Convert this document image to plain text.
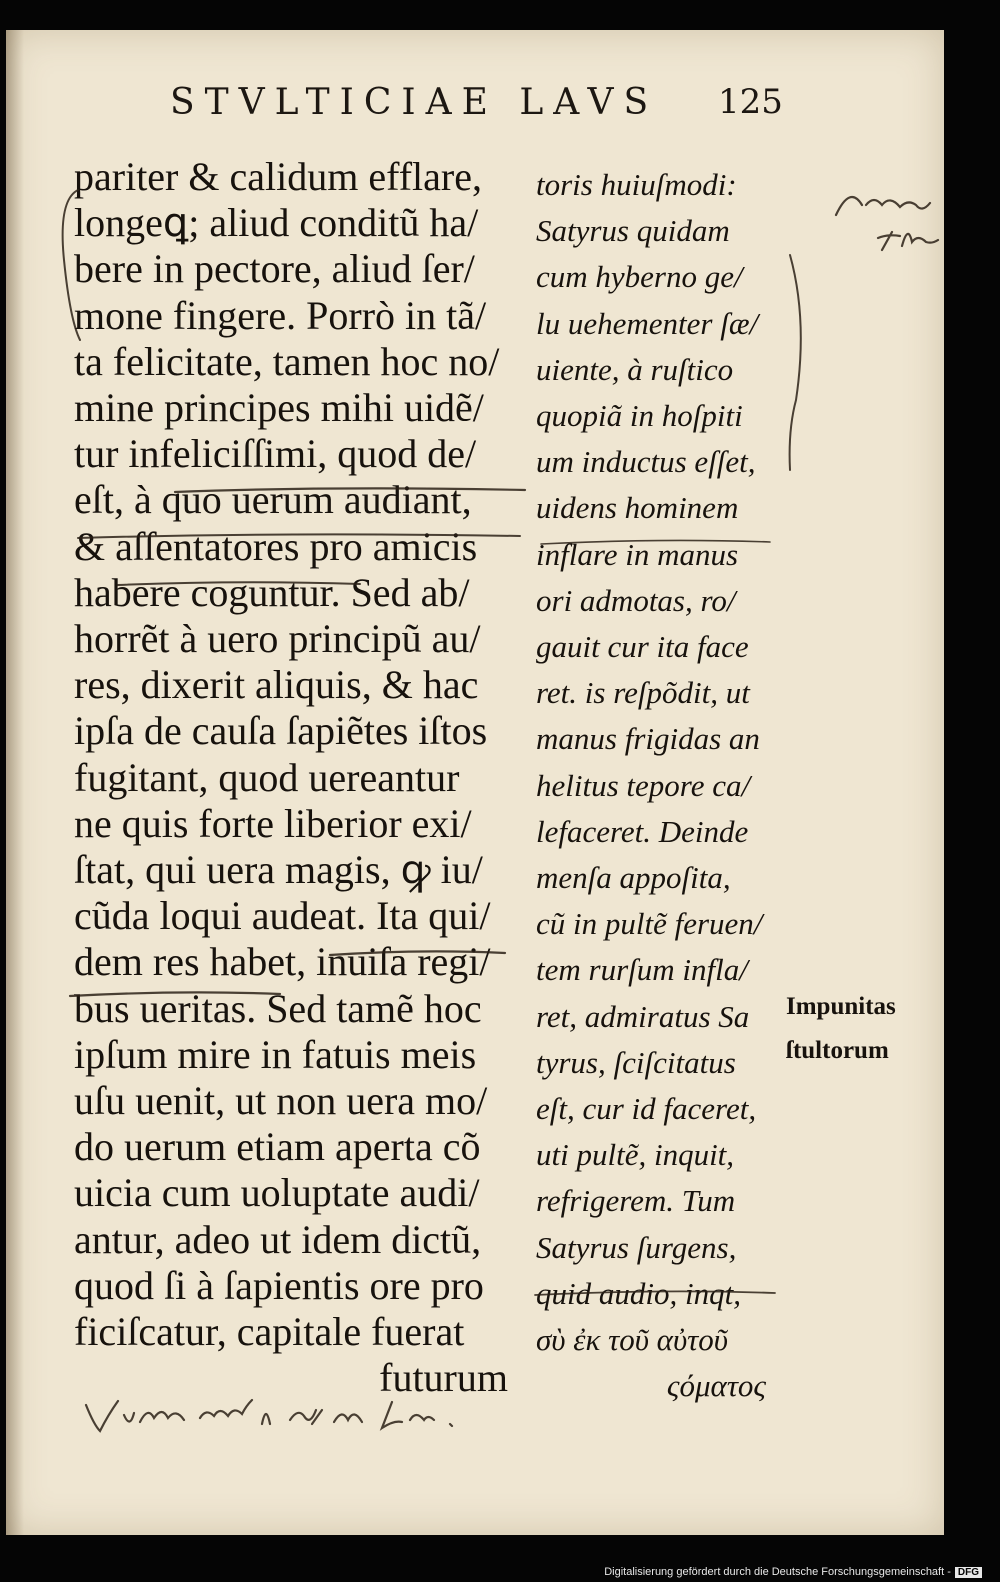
STVLTICIAE LAVS 125
pariter & calidum efflare,
longeꝗ; aliud conditũ ha/
bere in pectore, aliud ſer/
mone fingere. Porrò in tã/
ta felicitate, tamen hoc no/
mine principes mihi uidẽ/
tur infeliciſſimi, quod de/
eſt, à quo uerum audiant,
& aſſentatores pro amicis
habere coguntur. Sed ab/
horrẽt à uero principũ au/
res, dixerit aliquis, & hac
ipſa de cauſa ſapiẽtes iſtos
fugitant, quod uereantur
ne quis forte liberior exi/
ſtat, qui uera magis, ꝙ iu/
cũda loqui audeat. Ita qui/
dem res habet, inuiſa regi/
bus ueritas. Sed tamẽ hoc
ipſum mire in fatuis meis
uſu uenit, ut non uera mo/
do uerum etiam aperta cõ
uicia cum uoluptate audi/
antur, adeo ut idem dictũ,
quod ſi à ſapientis ore pro
ficiſcatur, capitale fuerat
futurum
toris huiuſmodi:
Satyrus quidam
cum hyberno ge/
lu uehementer ſæ/
uiente, à ruſtico
quopiã in hoſpiti
um inductus eſſet,
uidens hominem
inflare in manus
ori admotas, ro/
gauit cur ita face
ret. is reſpõdit, ut
manus frigidas an
helitus tepore ca/
lefaceret. Deinde
menſa appoſita,
cũ in pultẽ feruen/
tem rurſum infla/
ret, admiratus Sa
tyrus, ſciſcitatus
eſt, cur id faceret,
uti pultẽ, inquit,
refrigerem. Tum
Satyrus ſurgens,
quid audio, inqt,
σὺ ἐκ τοῦ αὐτοῦ
ςόματος
Impunitas
ſtultorum
Digitalisierung gefördert durch die Deutsche Forschungsgemeinschaft - DFG
